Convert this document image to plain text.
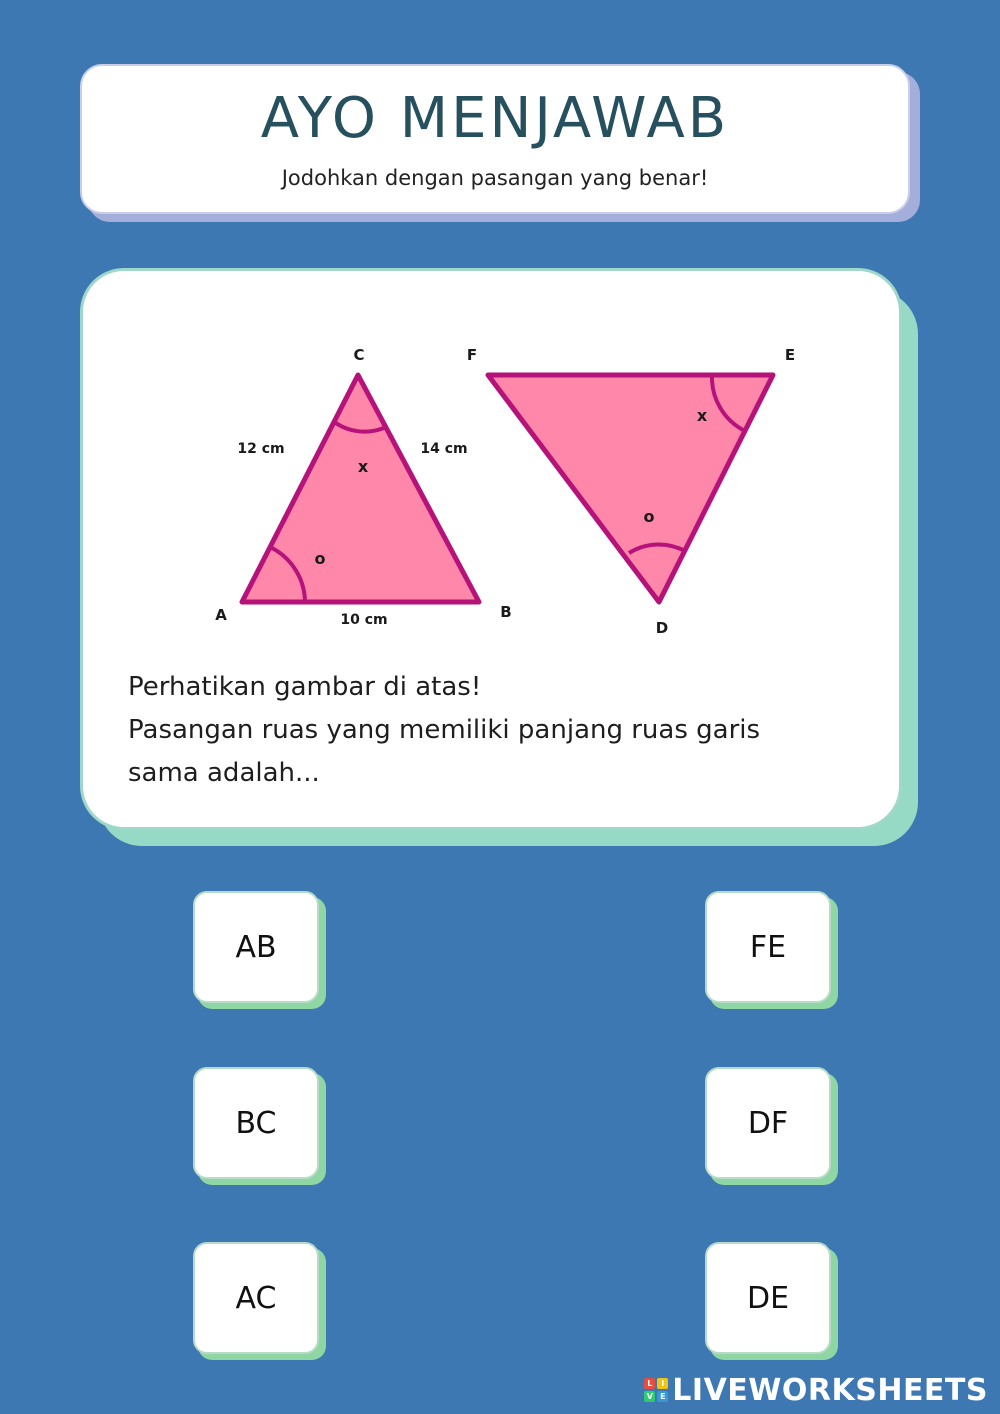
AYO MENJAWAB
Jodohkan dengan pasangan yang benar!
C
A	B
F	E
D
12 cm	14 cm
10 cm
x
o
x
o
Perhatikan gambar di atas!
Pasangan ruas yang memiliki panjang ruas garis
sama adalah...
AB	FE
BC	DF
AC	DE
L	I
V E LIVEWORKSHEETS
